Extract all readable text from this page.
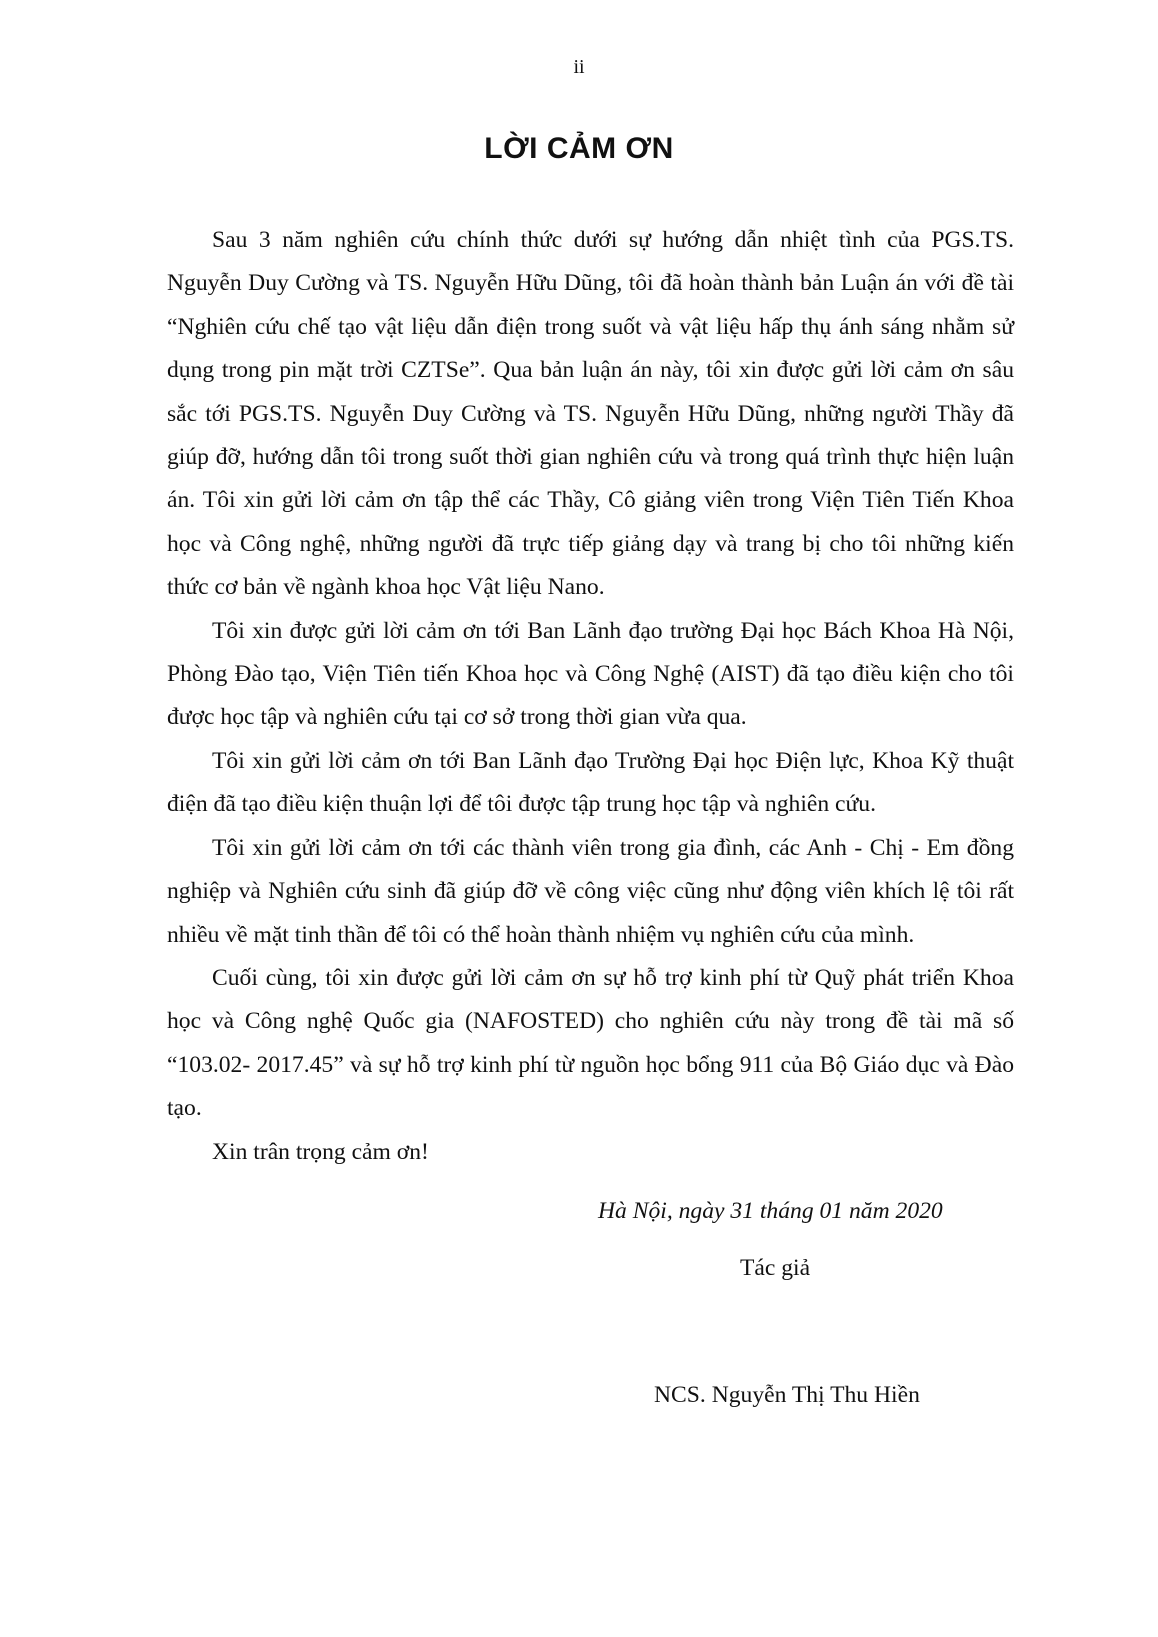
ii
LỜI CẢM ƠN

Sau 3 năm nghiên cứu chính thức dưới sự hướng dẫn nhiệt tình của PGS.TS. Nguyễn Duy Cường và TS. Nguyễn Hữu Dũng, tôi đã hoàn thành bản Luận án với đề tài “Nghiên cứu chế tạo vật liệu dẫn điện trong suốt và vật liệu hấp thụ ánh sáng nhằm sử dụng trong pin mặt trời CZTSe”. Qua bản luận án này, tôi xin được gửi lời cảm ơn sâu sắc tới PGS.TS. Nguyễn Duy Cường và TS. Nguyễn Hữu Dũng, những người Thầy đã giúp đỡ, hướng dẫn tôi trong suốt thời gian nghiên cứu và trong quá trình thực hiện luận án. Tôi xin gửi lời cảm ơn tập thể các Thầy, Cô giảng viên trong Viện Tiên Tiến Khoa học và Công nghệ, những người đã trực tiếp giảng dạy và trang bị cho tôi những kiến thức cơ bản về ngành khoa học Vật liệu Nano.

Tôi xin được gửi lời cảm ơn tới Ban Lãnh đạo trường Đại học Bách Khoa Hà Nội, Phòng Đào tạo, Viện Tiên tiến Khoa học và Công Nghệ (AIST) đã tạo điều kiện cho tôi được học tập và nghiên cứu tại cơ sở trong thời gian vừa qua.

Tôi xin gửi lời cảm ơn tới Ban Lãnh đạo Trường Đại học Điện lực, Khoa Kỹ thuật điện đã tạo điều kiện thuận lợi để tôi được tập trung học tập và nghiên cứu.

Tôi xin gửi lời cảm ơn tới các thành viên trong gia đình, các Anh - Chị - Em đồng nghiệp và Nghiên cứu sinh đã giúp đỡ về công việc cũng như động viên khích lệ tôi rất nhiều về mặt tinh thần để tôi có thể hoàn thành nhiệm vụ nghiên cứu của mình.

Cuối cùng, tôi xin được gửi lời cảm ơn sự hỗ trợ kinh phí từ Quỹ phát triển Khoa học và Công nghệ Quốc gia (NAFOSTED) cho nghiên cứu này trong đề tài mã số “103.02- 2017.45” và sự hỗ trợ kinh phí từ nguồn học bổng 911 của Bộ Giáo dục và Đào tạo.

Xin trân trọng cảm ơn!

Hà Nội, ngày 31 tháng 01 năm 2020
Tác giả
NCS. Nguyễn Thị Thu Hiền
